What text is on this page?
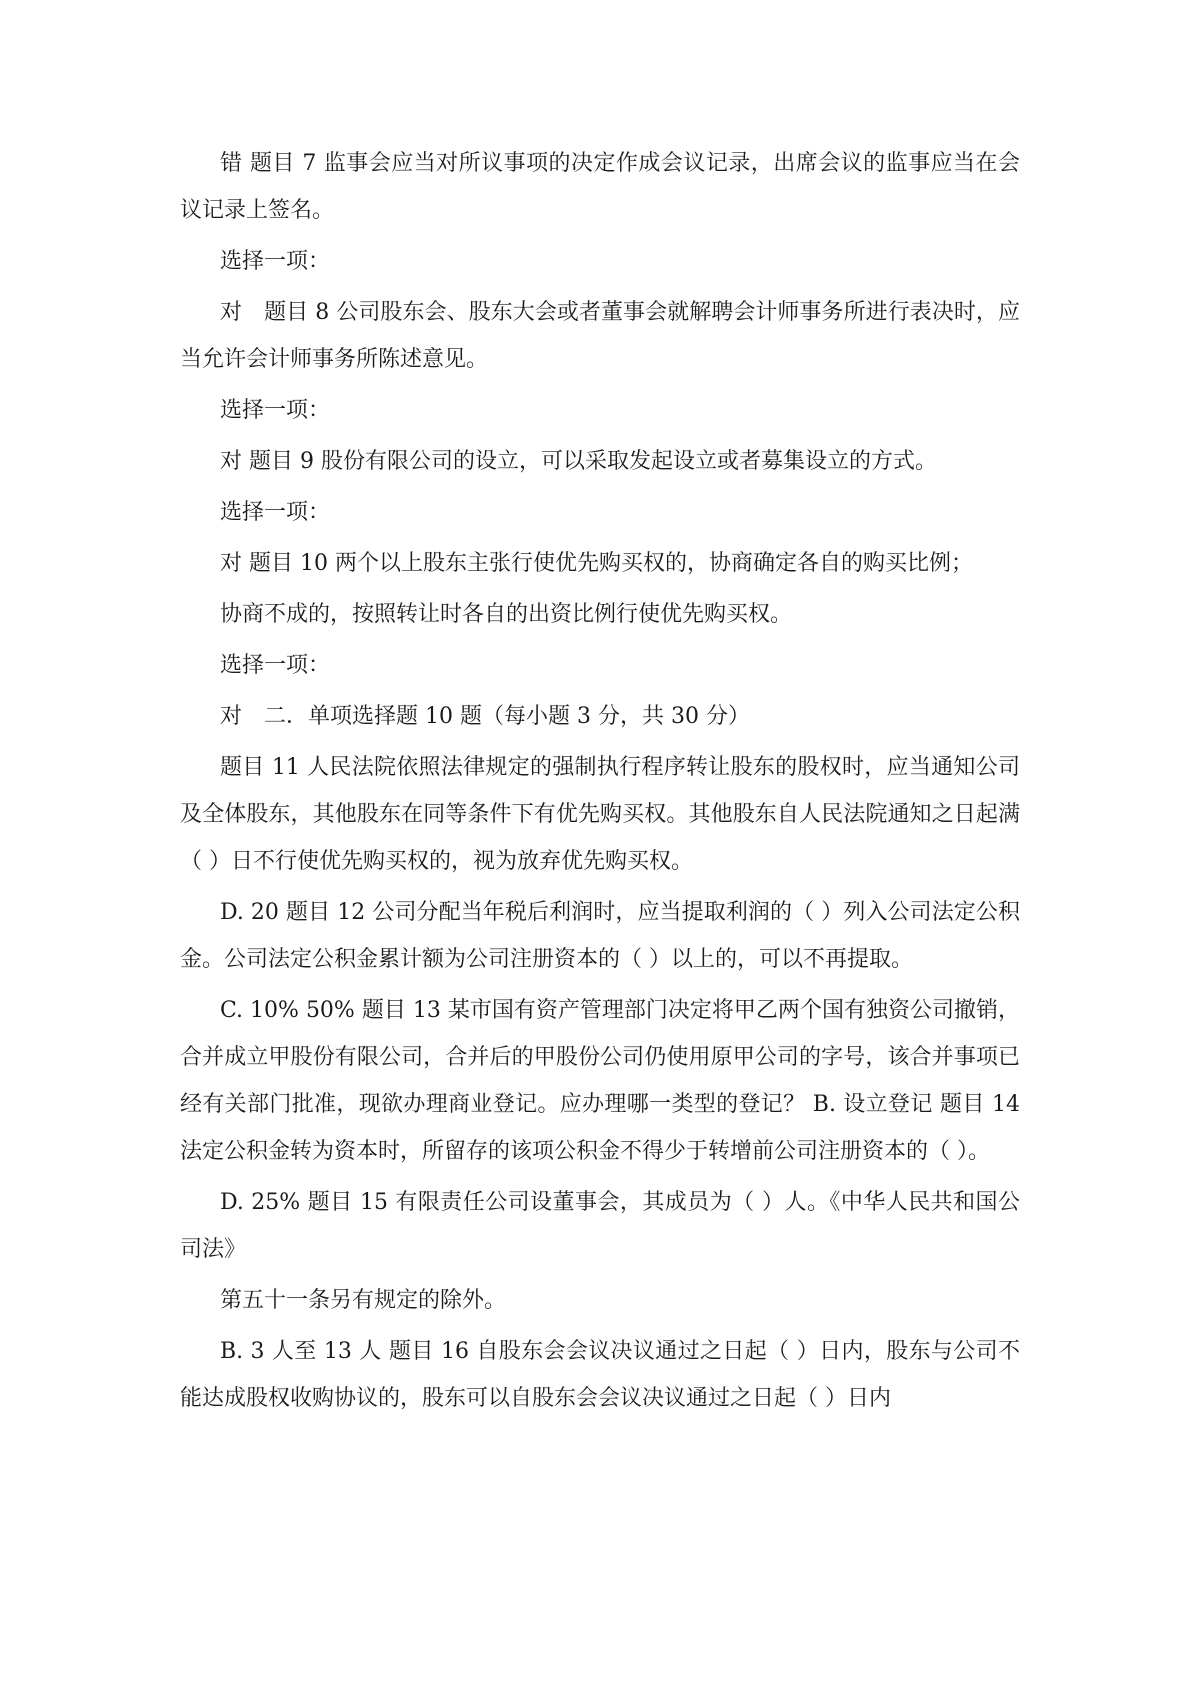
错 题目 7 监事会应当对所议事项的决定作成会议记录，出席会议的监事应当在会议记录上签名。

选择一项：

对　题目 8 公司股东会、股东大会或者董事会就解聘会计师事务所进行表决时，应当允许会计师事务所陈述意见。

选择一项：

对 题目 9 股份有限公司的设立，可以采取发起设立或者募集设立的方式。

选择一项：

对 题目 10 两个以上股东主张行使优先购买权的，协商确定各自的购买比例；

协商不成的，按照转让时各自的出资比例行使优先购买权。

选择一项：

对　二．单项选择题 10 题（每小题 3 分，共 30 分）

题目 11 人民法院依照法律规定的强制执行程序转让股东的股权时，应当通知公司及全体股东，其他股东在同等条件下有优先购买权。其他股东自人民法院通知之日起满（ ）日不行使优先购买权的，视为放弃优先购买权。

D. 20 题目 12 公司分配当年税后利润时，应当提取利润的（ ）列入公司法定公积金。公司法定公积金累计额为公司注册资本的（ ）以上的，可以不再提取。

C. 10% 50% 题目 13 某市国有资产管理部门决定将甲乙两个国有独资公司撤销，合并成立甲股份有限公司，合并后的甲股份公司仍使用原甲公司的字号，该合并事项已经有关部门批准，现欲办理商业登记。应办理哪一类型的登记？ B. 设立登记 题目 14 法定公积金转为资本时，所留存的该项公积金不得少于转增前公司注册资本的（ ）。

D. 25% 题目 15 有限责任公司设董事会，其成员为（ ）人。《中华人民共和国公司法》

第五十一条另有规定的除外。

B. 3 人至 13 人 题目 16 自股东会会议决议通过之日起（ ）日内，股东与公司不能达成股权收购协议的，股东可以自股东会会议决议通过之日起（ ）日内
